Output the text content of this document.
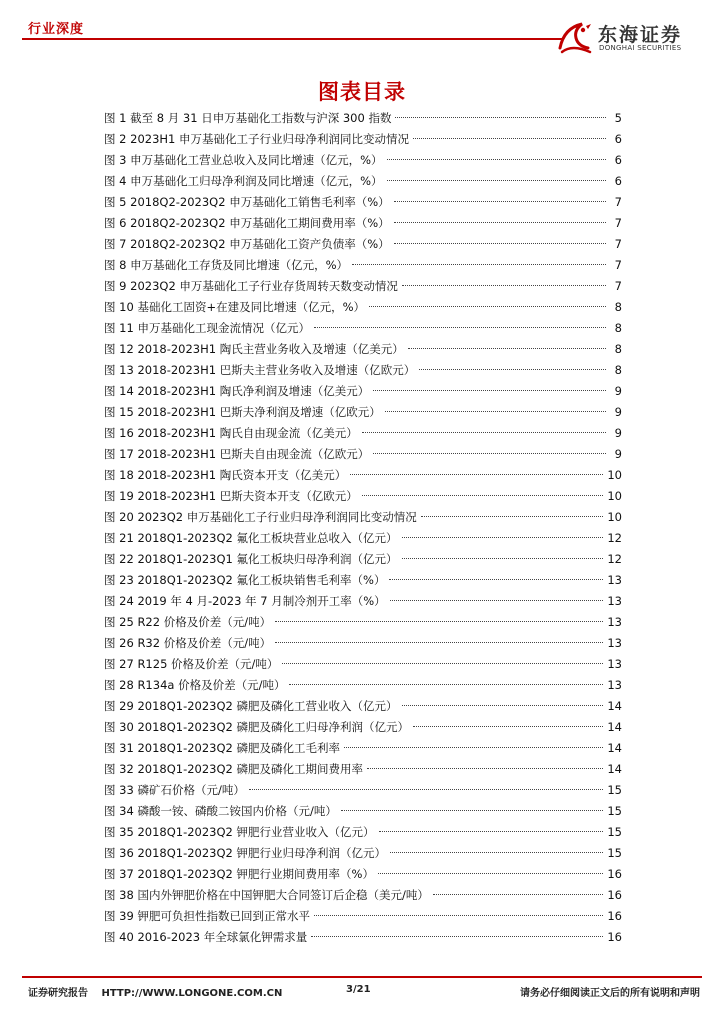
行业深度	东海证券
DONGHAI SECURITIES
图表目录
图 1 截至 8 月 31 日申万基础化工指数与沪深 300 指数	5
图 2 2023H1 申万基础化工子行业归母净利润同比变动情况	6
图 3 申万基础化工营业总收入及同比增速（亿元，%）	6
图 4 申万基础化工归母净利润及同比增速（亿元，%）	6
图 5 2018Q2-2023Q2 申万基础化工销售毛利率（%）	7
图 6 2018Q2-2023Q2 申万基础化工期间费用率（%）	7
图 7 2018Q2-2023Q2 申万基础化工资产负债率（%）	7
图 8 申万基础化工存货及同比增速（亿元，%）	7
图 9 2023Q2 申万基础化工子行业存货周转天数变动情况	7
图 10 基础化工固资+在建及同比增速（亿元，%）	8
图 11 申万基础化工现金流情况（亿元）	8
图 12 2018-2023H1 陶氏主营业务收入及增速（亿美元）	8
图 13 2018-2023H1 巴斯夫主营业务收入及增速（亿欧元）	8
图 14 2018-2023H1 陶氏净利润及增速（亿美元）	9
图 15 2018-2023H1 巴斯夫净利润及增速（亿欧元）	9
图 16 2018-2023H1 陶氏自由现金流（亿美元）	9
图 17 2018-2023H1 巴斯夫自由现金流（亿欧元）	9
图 18 2018-2023H1 陶氏资本开支（亿美元）	10
图 19 2018-2023H1 巴斯夫资本开支（亿欧元）	10
图 20 2023Q2 申万基础化工子行业归母净利润同比变动情况	10
图 21 2018Q1-2023Q2 氟化工板块营业总收入（亿元）	12
图 22 2018Q1-2023Q1 氟化工板块归母净利润（亿元）	12
图 23 2018Q1-2023Q2 氟化工板块销售毛利率（%）	13
图 24 2019 年 4 月-2023 年 7 月制冷剂开工率（%）	13
图 25 R22 价格及价差（元/吨）	13
图 26 R32 价格及价差（元/吨）	13
图 27 R125 价格及价差（元/吨）	13
图 28 R134a 价格及价差（元/吨）	13
图 29 2018Q1-2023Q2 磷肥及磷化工营业收入（亿元）	14
图 30 2018Q1-2023Q2 磷肥及磷化工归母净利润（亿元）	14
图 31 2018Q1-2023Q2 磷肥及磷化工毛利率	14
图 32 2018Q1-2023Q2 磷肥及磷化工期间费用率	14
图 33 磷矿石价格（元/吨）	15
图 34 磷酸一铵、磷酸二铵国内价格（元/吨）	15
图 35 2018Q1-2023Q2 钾肥行业营业收入（亿元）	15
图 36 2018Q1-2023Q2 钾肥行业归母净利润（亿元）	15
图 37 2018Q1-2023Q2 钾肥行业期间费用率（%）	16
图 38 国内外钾肥价格在中国钾肥大合同签订后企稳（美元/吨）	16
图 39 钾肥可负担性指数已回到正常水平	16
图 40 2016-2023 年全球氯化钾需求量	16
证券研究报告 HTTP://WWW.LONGONE.COM.CN	3/21	请务必仔细阅读正文后的所有说明和声明
